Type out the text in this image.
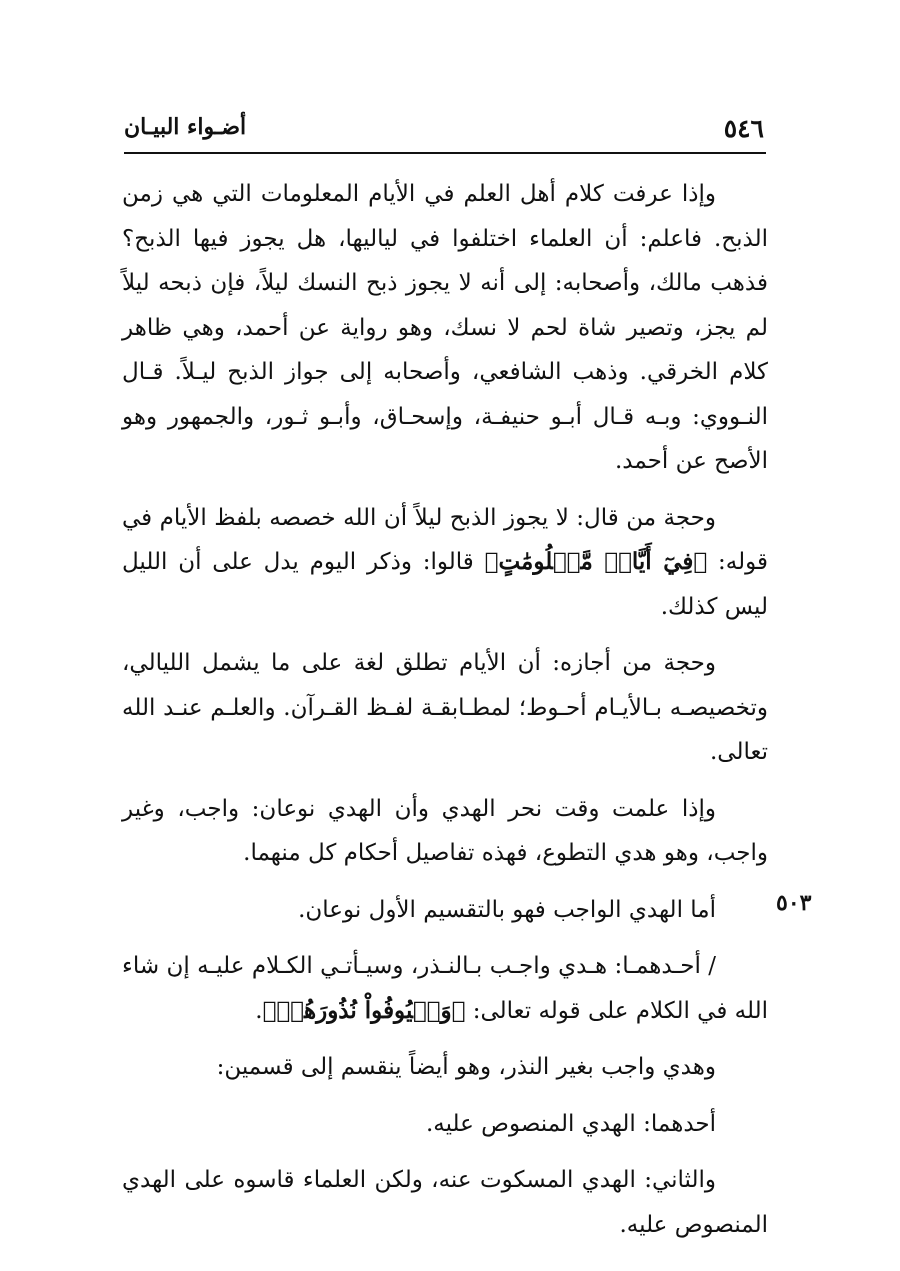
٥٤٦
أضـواء البيـان
٥٠٣

وإذا عرفت كلام أهل العلم في الأيام المعلومات التي هي زمن الذبح. فاعلم: أن العلماء اختلفوا في لياليها، هل يجوز فيها الذبح؟ فذهب مالك، وأصحابه: إلى أنه لا يجوز ذبح النسك ليلاً، فإن ذبحه ليلاً لم يجز، وتصير شاة لحم لا نسك، وهو رواية عن أحمد، وهي ظاهر كلام الخرقي. وذهب الشافعي، وأصحابه إلى جواز الذبح ليـلاً. قـال النـووي: وبـه قـال أبـو حنيفـة، وإسحـاق، وأبـو ثـور، والجمهور وهو الأصح عن أحمد.

وحجة من قال: لا يجوز الذبح ليلاً أن الله خصصه بلفظ الأيام في قوله: ﴿فِيٓ أَيَّامٖ مَّعۡلُومَٰتٍ﴾ قالوا: وذكر اليوم يدل على أن الليل ليس كذلك.

وحجة من أجازه: أن الأيام تطلق لغة على ما يشمل الليالي، وتخصيصـه بـالأيـام أحـوط؛ لمطـابقـة لفـظ القـرآن. والعلـم عنـد الله تعالى.

وإذا علمت وقت نحر الهدي وأن الهدي نوعان: واجب، وغير واجب، وهو هدي التطوع، فهذه تفاصيل أحكام كل منهما.

أما الهدي الواجب فهو بالتقسيم الأول نوعان.

/ أحـدهمـا: هـدي واجـب بـالنـذر، وسيـأتـي الكـلام عليـه إن شاء الله في الكلام على قوله تعالى: ﴿وَلۡيُوفُواْ نُذُورَهُمۡ﴾.

وهدي واجب بغير النذر، وهو أيضاً ينقسم إلى قسمين:

أحدهما: الهدي المنصوص عليه.

والثاني: الهدي المسكوت عنه، ولكن العلماء قاسوه على الهدي المنصوص عليه.
